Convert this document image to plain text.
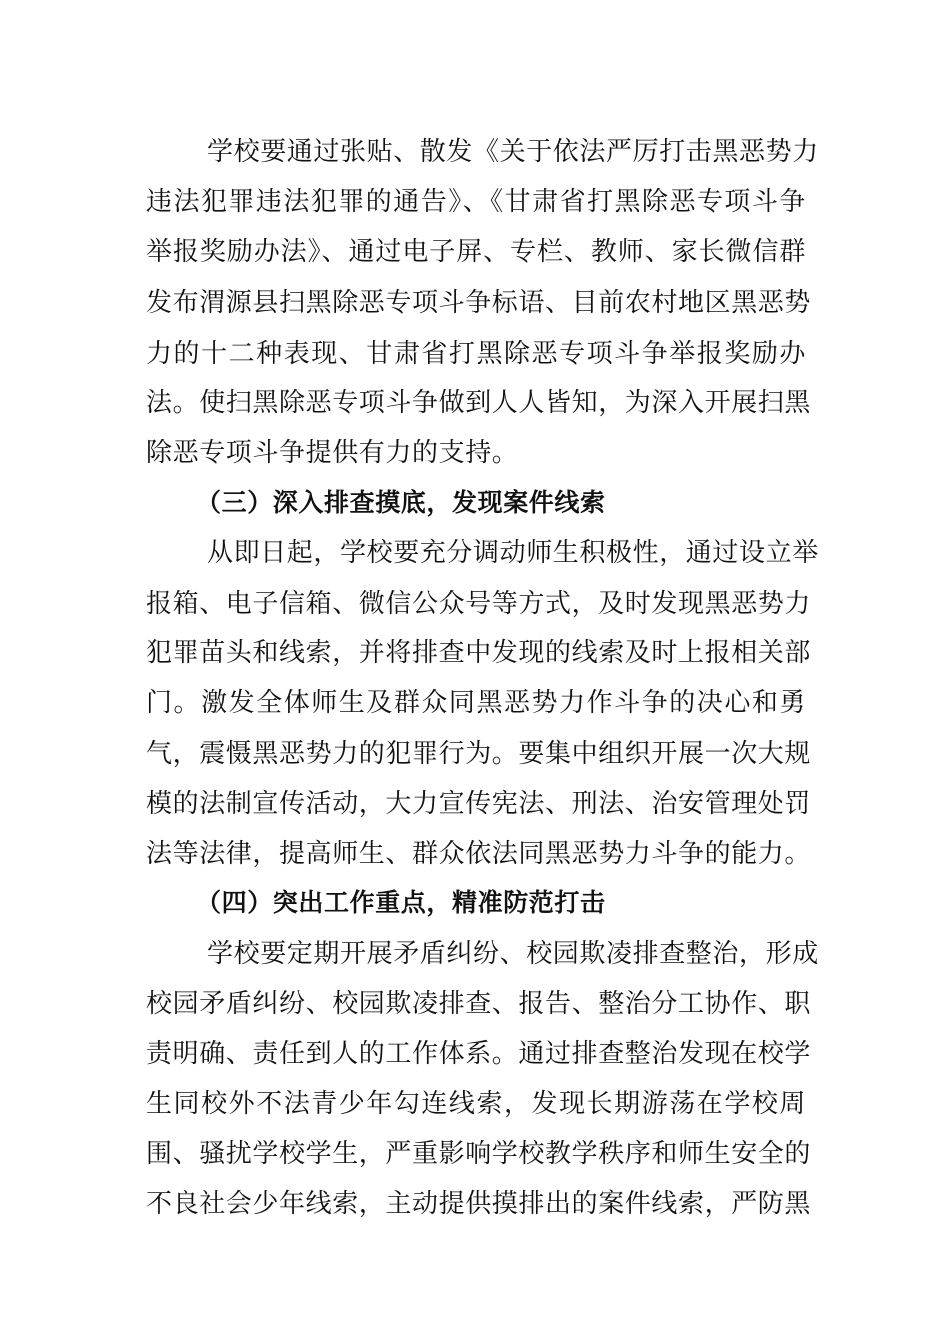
学校要通过张贴、散发《关于依法严厉打击黑恶势力
违法犯罪违法犯罪的通告》、《甘肃省打黑除恶专项斗争
举报奖励办法》、通过电子屏、专栏、教师、家长微信群
发布渭源县扫黑除恶专项斗争标语、目前农村地区黑恶势
力的十二种表现、甘肃省打黑除恶专项斗争举报奖励办
法。使扫黑除恶专项斗争做到人人皆知，为深入开展扫黑
除恶专项斗争提供有力的支持。
（三）深入排查摸底，发现案件线索
从即日起，学校要充分调动师生积极性，通过设立举
报箱、电子信箱、微信公众号等方式，及时发现黑恶势力
犯罪苗头和线索，并将排查中发现的线索及时上报相关部
门。激发全体师生及群众同黑恶势力作斗争的决心和勇
气，震慑黑恶势力的犯罪行为。要集中组织开展一次大规
模的法制宣传活动，大力宣传宪法、刑法、治安管理处罚
法等法律，提高师生、群众依法同黑恶势力斗争的能力。
（四）突出工作重点，精准防范打击
学校要定期开展矛盾纠纷、校园欺凌排查整治，形成
校园矛盾纠纷、校园欺凌排查、报告、整治分工协作、职
责明确、责任到人的工作体系。通过排查整治发现在校学
生同校外不法青少年勾连线索，发现长期游荡在学校周
围、骚扰学校学生，严重影响学校教学秩序和师生安全的
不良社会少年线索，主动提供摸排出的案件线索，严防黑
